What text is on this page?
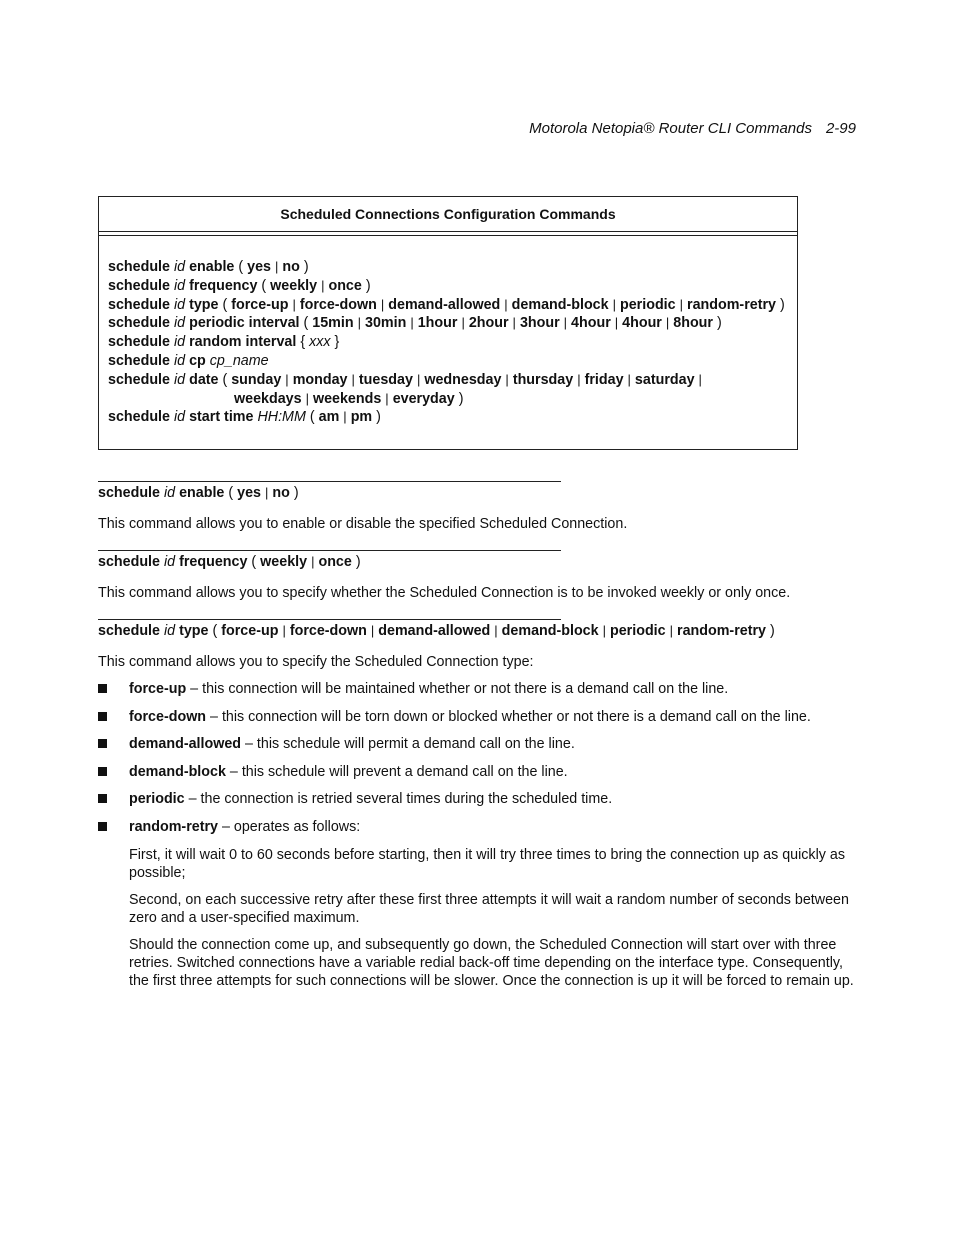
Motorola Netopia® Router CLI Commands 2-99
Scheduled Connections Configuration Commands
schedule id enable ( yes | no )
schedule id frequency ( weekly | once )
schedule id type ( force-up | force-down | demand-allowed | demand-block | periodic | random-retry )
schedule id periodic interval ( 15min | 30min | 1hour | 2hour | 3hour | 4hour | 4hour | 8hour )
schedule id random interval { xxx }
schedule id cp cp_name
schedule id date ( sunday | monday | tuesday | wednesday | thursday | friday | saturday |
weekdays | weekends | everyday )
schedule id start time HH:MM ( am | pm )
schedule id enable ( yes | no )
This command allows you to enable or disable the specified Scheduled Connection.
schedule id frequency ( weekly | once )
This command allows you to specify whether the Scheduled Connection is to be invoked weekly or only once.
schedule id type ( force-up | force-down | demand-allowed | demand-block | periodic | random-retry )
This command allows you to specify the Scheduled Connection type:
force-up – this connection will be maintained whether or not there is a demand call on the line.
force-down – this connection will be torn down or blocked whether or not there is a demand call on the line.
demand-allowed – this schedule will permit a demand call on the line.
demand-block – this schedule will prevent a demand call on the line.
periodic – the connection is retried several times during the scheduled time.
random-retry – operates as follows:

First, it will wait 0 to 60 seconds before starting, then it will try three times to bring the connection up as quickly as possible;

Second, on each successive retry after these first three attempts it will wait a random number of seconds between zero and a user-specified maximum.

Should the connection come up, and subsequently go down, the Scheduled Connection will start over with three retries. Switched connections have a variable redial back-off time depending on the interface type. Consequently, the first three attempts for such connections will be slower. Once the connection is up it will be forced to remain up.
